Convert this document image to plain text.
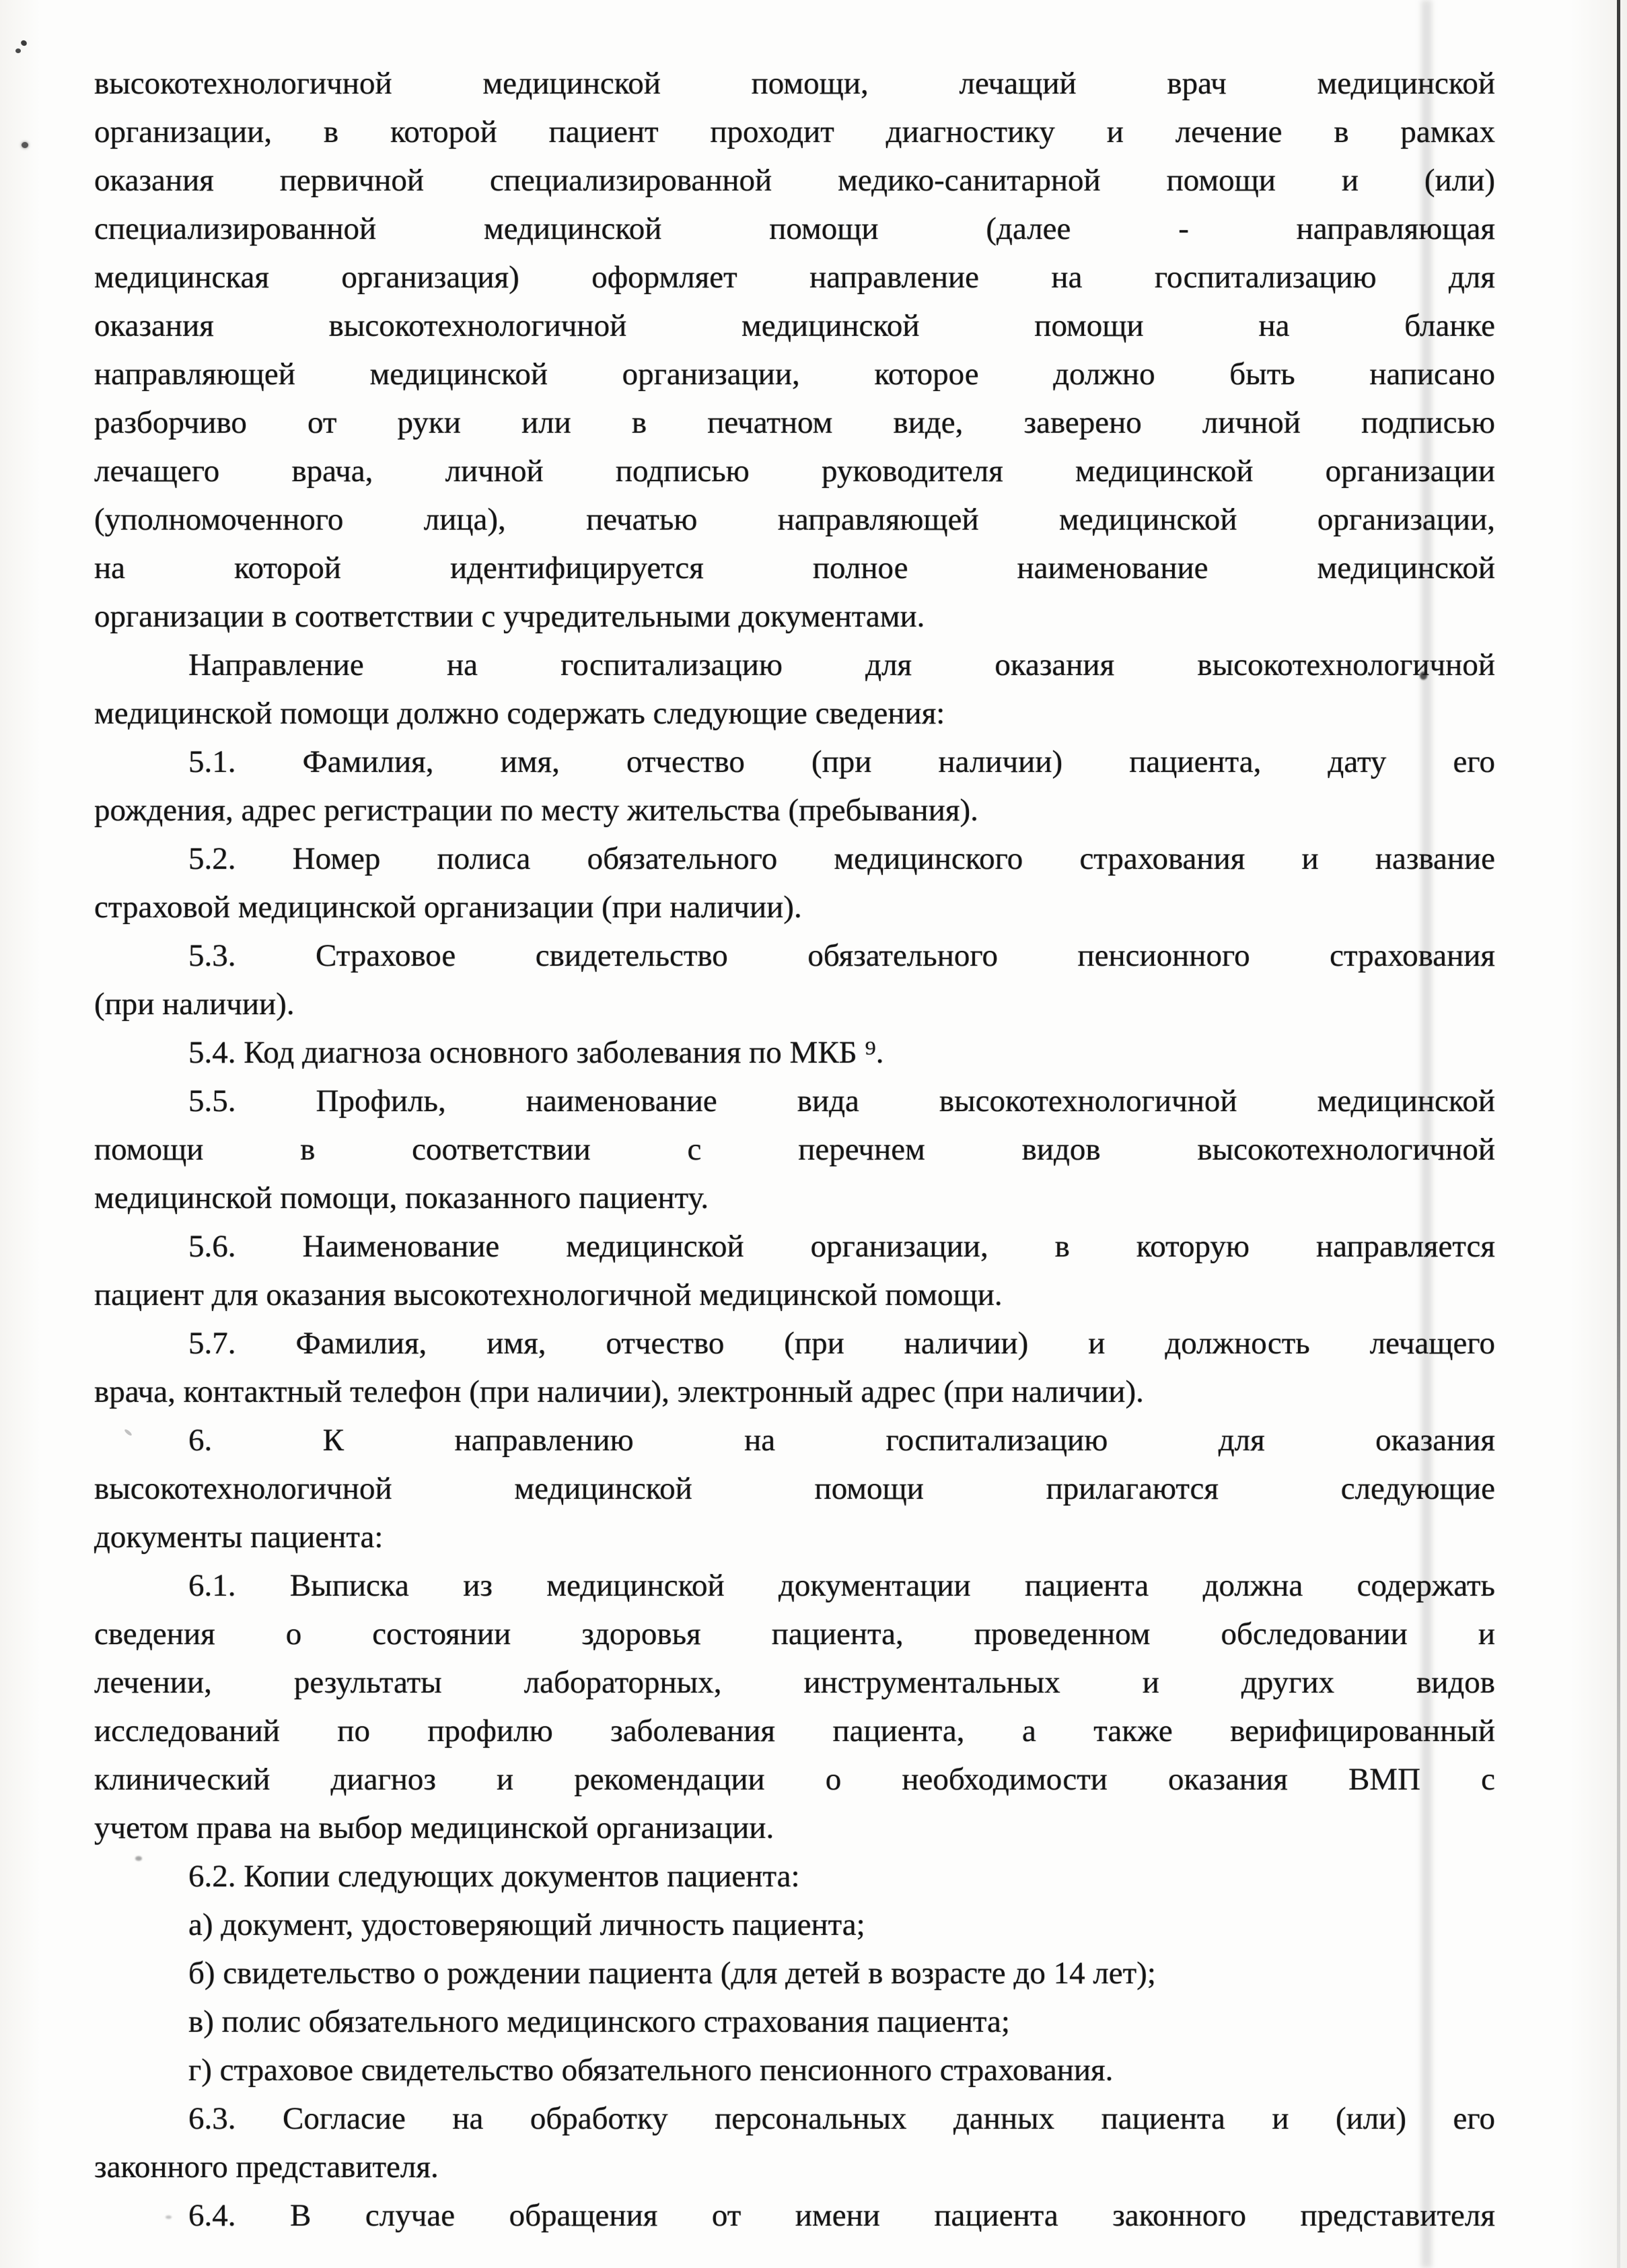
высокотехнологичной медицинской помощи, лечащий врач медицинской
организации, в которой пациент проходит диагностику и лечение в рамках
оказания первичной специализированной медико-санитарной помощи и (или)
специализированной медицинской помощи (далее - направляющая
медицинская организация) оформляет направление на госпитализацию для
оказания высокотехнологичной медицинской помощи на бланке
направляющей медицинской организации, которое должно быть написано
разборчиво от руки или в печатном виде, заверено личной подписью
лечащего врача, личной подписью руководителя медицинской организации
(уполномоченного лица), печатью направляющей медицинской организации,
на которой идентифицируется полное наименование медицинской
организации в соответствии с учредительными документами.
Направление на госпитализацию для оказания высокотехнологичной
медицинской помощи должно содержать следующие сведения:
5.1. Фамилия, имя, отчество (при наличии) пациента, дату его
рождения, адрес регистрации по месту жительства (пребывания).
5.2. Номер полиса обязательного медицинского страхования и название
страховой медицинской организации (при наличии).
5.3. Страховое свидетельство обязательного пенсионного страхования
(при наличии).
5.4. Код диагноза основного заболевания по МКБ ⁹.
5.5. Профиль, наименование вида высокотехнологичной медицинской
помощи в соответствии с перечнем видов высокотехнологичной
медицинской помощи, показанного пациенту.
5.6. Наименование медицинской организации, в которую направляется
пациент для оказания высокотехнологичной медицинской помощи.
5.7. Фамилия, имя, отчество (при наличии) и должность лечащего
врача, контактный телефон (при наличии), электронный адрес (при наличии).
6. К направлению на госпитализацию для оказания
высокотехнологичной медицинской помощи прилагаются следующие
документы пациента:
6.1. Выписка из медицинской документации пациента должна содержать
сведения о состоянии здоровья пациента, проведенном обследовании и
лечении, результаты лабораторных, инструментальных и других видов
исследований по профилю заболевания пациента, а также верифицированный
клинический диагноз и рекомендации о необходимости оказания ВМП с
учетом права на выбор медицинской организации.
6.2. Копии следующих документов пациента:
а) документ, удостоверяющий личность пациента;
б) свидетельство о рождении пациента (для детей в возрасте до 14 лет);
в) полис обязательного медицинского страхования пациента;
г) страховое свидетельство обязательного пенсионного страхования.
6.3. Согласие на обработку персональных данных пациента и (или) его
законного представителя.
6.4. В случае обращения от имени пациента законного представителя
